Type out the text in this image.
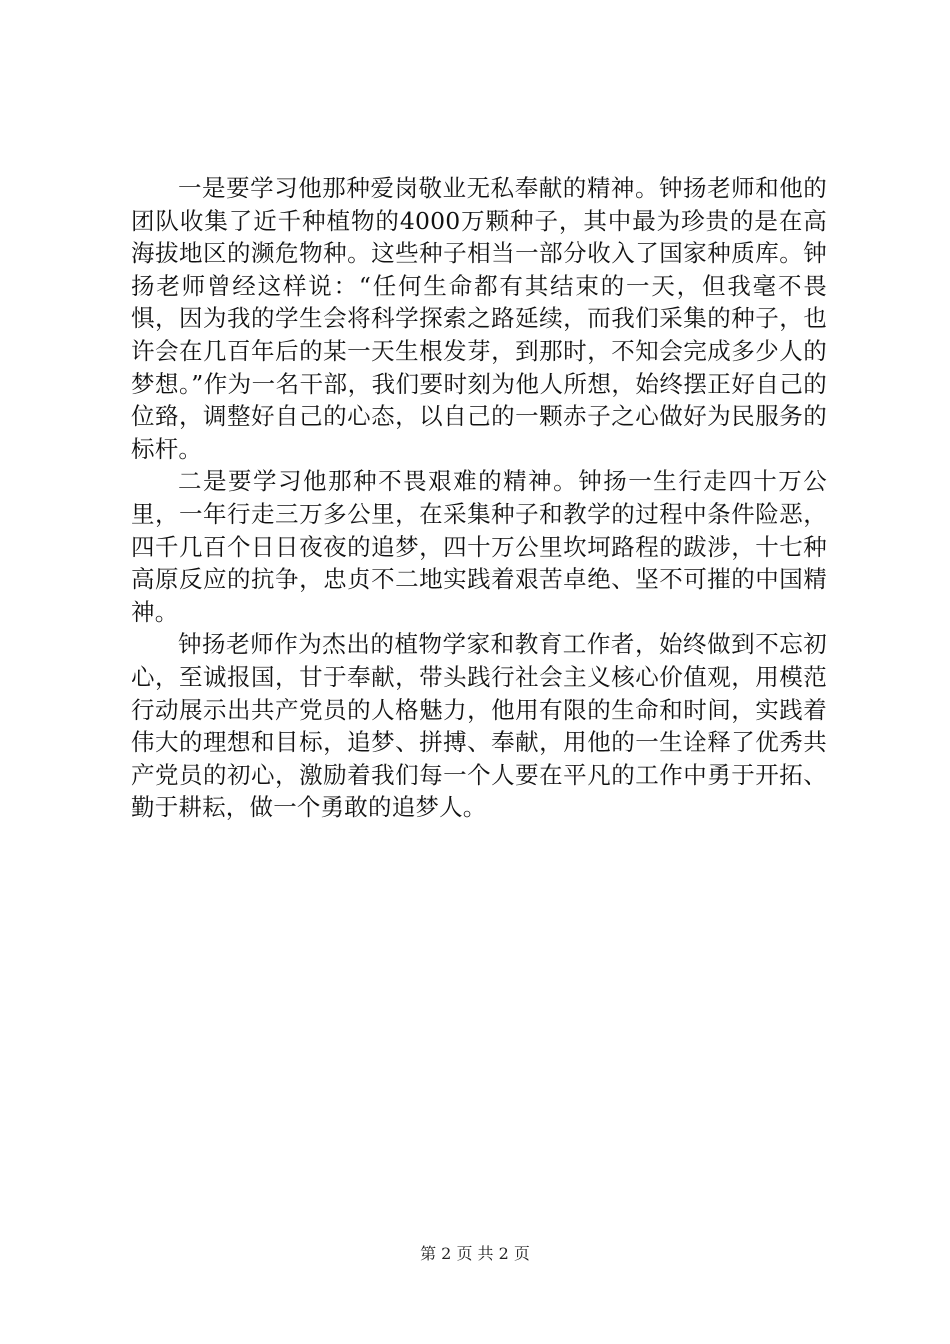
一是要学习他那种爱岗敬业无私奉献的精神。钟扬老师和他的团队收集了近千种植物的4000万颗种子，其中最为珍贵的是在高海拔地区的濒危物种。这些种子相当一部分收入了国家种质库。钟扬老师曾经这样说：“任何生命都有其结束的一天，但我毫不畏惧，因为我的学生会将科学探索之路延续，而我们采集的种子，也许会在几百年后的某一天生根发芽，到那时，不知会完成多少人的梦想。”作为一名干部，我们要时刻为他人所想，始终摆正好自己的位臵，调整好自己的心态，以自己的一颗赤子之心做好为民服务的标杆。

二是要学习他那种不畏艰难的精神。钟扬一生行走四十万公里，一年行走三万多公里，在采集种子和教学的过程中条件险恶，四千几百个日日夜夜的追梦，四十万公里坎坷路程的跋涉，十七种高原反应的抗争，忠贞不二地实践着艰苦卓绝、坚不可摧的中国精神。

钟扬老师作为杰出的植物学家和教育工作者，始终做到不忘初心，至诚报国，甘于奉献，带头践行社会主义核心价值观，用模范行动展示出共产党员的人格魅力，他用有限的生命和时间，实践着伟大的理想和目标，追梦、拼搏、奉献，用他的一生诠释了优秀共产党员的初心，激励着我们每一个人要在平凡的工作中勇于开拓、勤于耕耘，做一个勇敢的追梦人。

第 2 页 共 2 页
